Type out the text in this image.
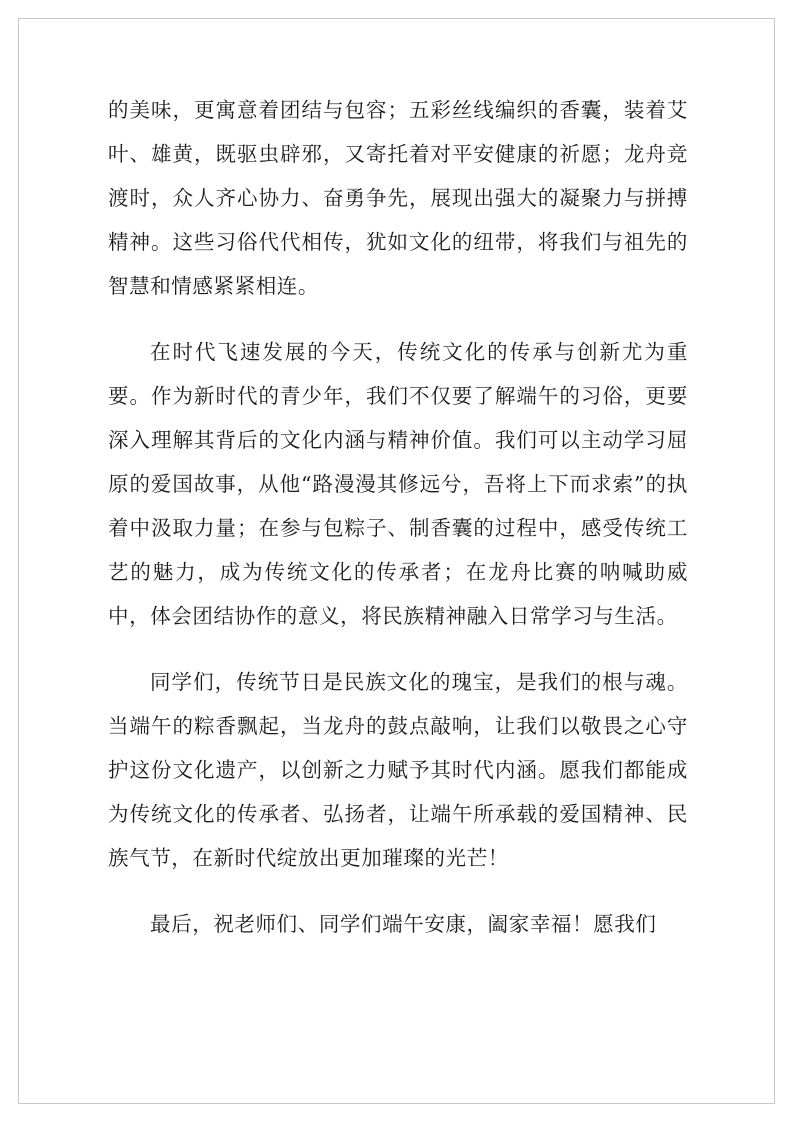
的美味，更寓意着团结与包容；五彩丝线编织的香囊，装着艾叶、雄黄，既驱虫辟邪，又寄托着对平安健康的祈愿；龙舟竞渡时，众人齐心协力、奋勇争先，展现出强大的凝聚力与拼搏精神。这些习俗代代相传，犹如文化的纽带，将我们与祖先的智慧和情感紧紧相连。

在时代飞速发展的今天，传统文化的传承与创新尤为重要。作为新时代的青少年，我们不仅要了解端午的习俗，更要深入理解其背后的文化内涵与精神价值。我们可以主动学习屈原的爱国故事，从他“路漫漫其修远兮，吾将上下而求索”的执着中汲取力量；在参与包粽子、制香囊的过程中，感受传统工艺的魅力，成为传统文化的传承者；在龙舟比赛的呐喊助威中，体会团结协作的意义，将民族精神融入日常学习与生活。

同学们，传统节日是民族文化的瑰宝，是我们的根与魂。当端午的粽香飘起，当龙舟的鼓点敲响，让我们以敬畏之心守护这份文化遗产，以创新之力赋予其时代内涵。愿我们都能成为传统文化的传承者、弘扬者，让端午所承载的爱国精神、民族气节，在新时代绽放出更加璀璨的光芒！

最后，祝老师们、同学们端午安康，阖家幸福！愿我们
